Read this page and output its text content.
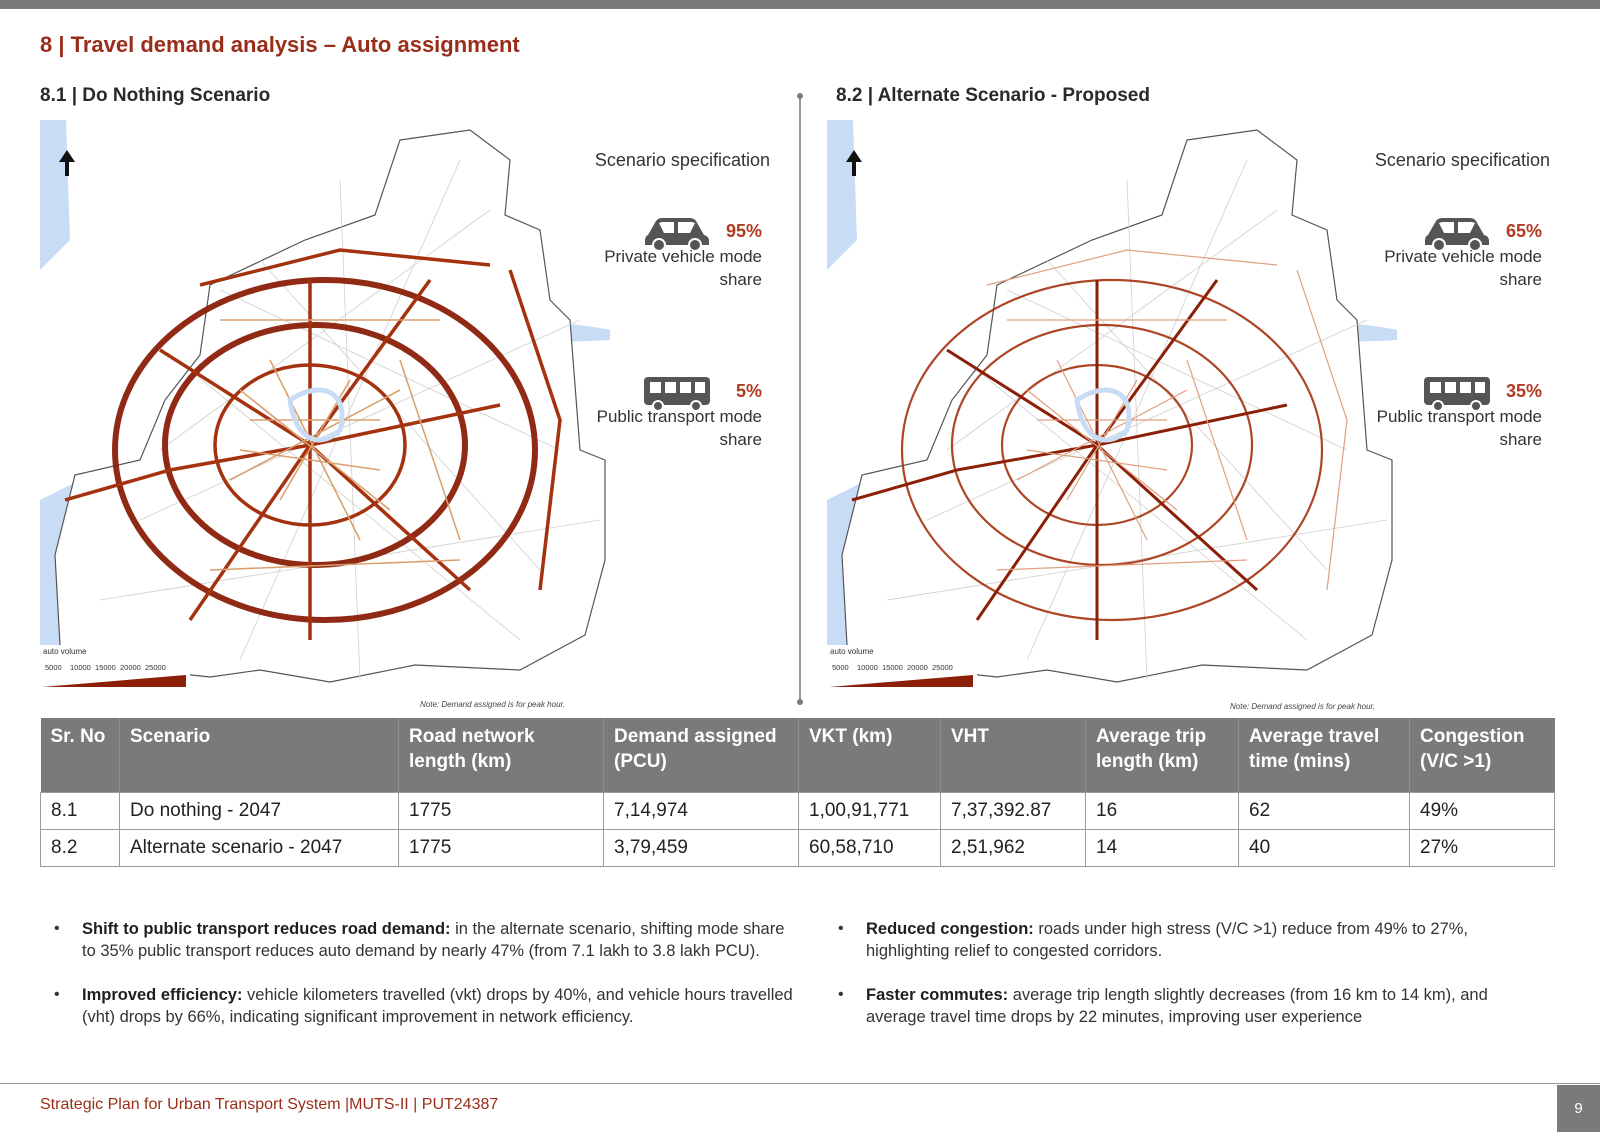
8 | Travel demand analysis – Auto assignment
8.1 | Do Nothing Scenario	8.2 | Alternate Scenario - Proposed
auto volume
5000 10000 15000 20000 25000
Scenario specification
95%
Private vehicle mode share
5%
Public transport mode share
Note: Demand assigned is for peak hour.
auto volume
5000 10000 15000 20000 25000
Scenario specification
65%
Private vehicle mode share
35%
Public transport mode share
Note: Demand assigned is for peak hour.
Sr. No	Scenario	Road network length (km)	Demand assigned (PCU)	VKT (km)	VHT	Average trip length (km)	Average travel time (mins)	Congestion (V/C >1)
8.1	Do nothing - 2047	1775	7,14,974	1,00,91,771	7,37,392.87	16	62	49%
8.2	Alternate scenario - 2047	1775	3,79,459	60,58,710	2,51,962	14	40	27%
• Shift to public transport reduces road demand: in the alternate scenario, shifting mode share to 35% public transport reduces auto demand by nearly 47% (from 7.1 lakh to 3.8 lakh PCU).
• Improved efficiency: vehicle kilometers travelled (vkt) drops by 40%, and vehicle hours travelled (vht) drops by 66%, indicating significant improvement in network efficiency.
• Reduced congestion: roads under high stress (V/C >1) reduce from 49% to 27%, highlighting relief to congested corridors.
• Faster commutes: average trip length slightly decreases (from 16 km to 14 km), and average travel time drops by 22 minutes, improving user experience
Strategic Plan for Urban Transport System |MUTS-II | PUT24387	9
